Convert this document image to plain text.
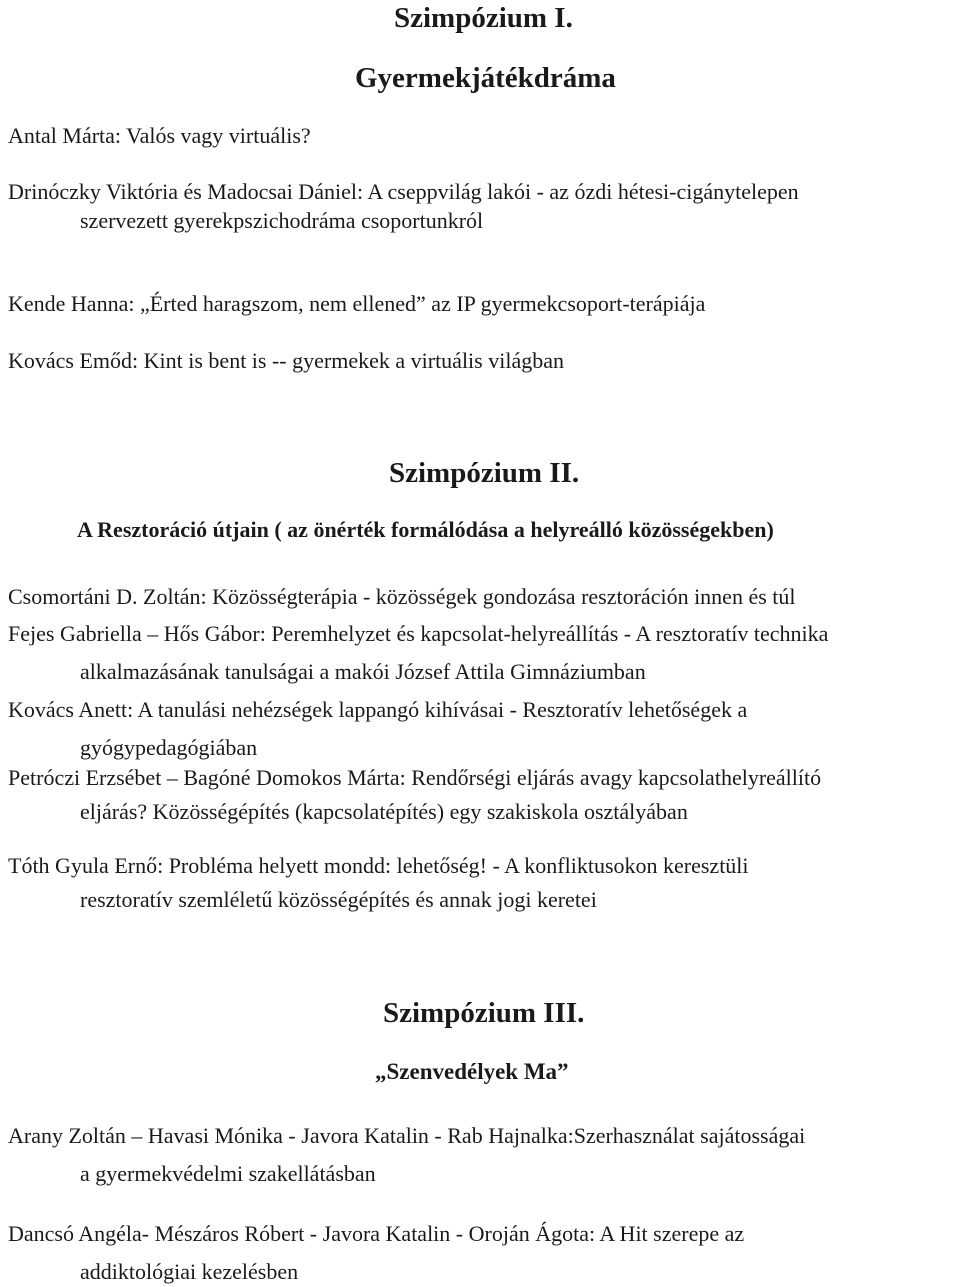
Szimpózium I.
Gyermekjátékdráma
Antal Márta: Valós vagy virtuális?
Drinóczky Viktória és Madocsai Dániel: A cseppvilág lakói - az ózdi hétesi-cigánytelepen
szervezett gyerekpszichodráma csoportunkról
Kende Hanna: „Érted haragszom, nem ellened” az IP gyermekcsoport-terápiája
Kovács Emőd: Kint is bent is -- gyermekek a virtuális világban
Szimpózium II.
A Resztoráció útjain ( az önérték formálódása a helyreálló közösségekben)
Csomortáni D. Zoltán: Közösségterápia - közösségek gondozása resztoráción innen és túl
Fejes Gabriella – Hős Gábor: Peremhelyzet és kapcsolat-helyreállítás - A resztoratív technika
alkalmazásának tanulságai a makói József Attila Gimnáziumban
Kovács Anett: A tanulási nehézségek lappangó kihívásai - Resztoratív lehetőségek a
gyógypedagógiában
Petróczi Erzsébet – Bagóné Domokos Márta: Rendőrségi eljárás avagy kapcsolathelyreállító
eljárás? Közösségépítés (kapcsolatépítés) egy szakiskola osztályában
Tóth Gyula Ernő: Probléma helyett mondd: lehetőség! - A konfliktusokon keresztüli
resztoratív szemléletű közösségépítés és annak jogi keretei
Szimpózium III.
„Szenvedélyek Ma”
Arany Zoltán – Havasi Mónika - Javora Katalin - Rab Hajnalka:Szerhasználat sajátosságai
a gyermekvédelmi szakellátásban
Dancsó Angéla- Mészáros Róbert - Javora Katalin - Oroján Ágota: A Hit szerepe az
addiktológiai kezelésben
